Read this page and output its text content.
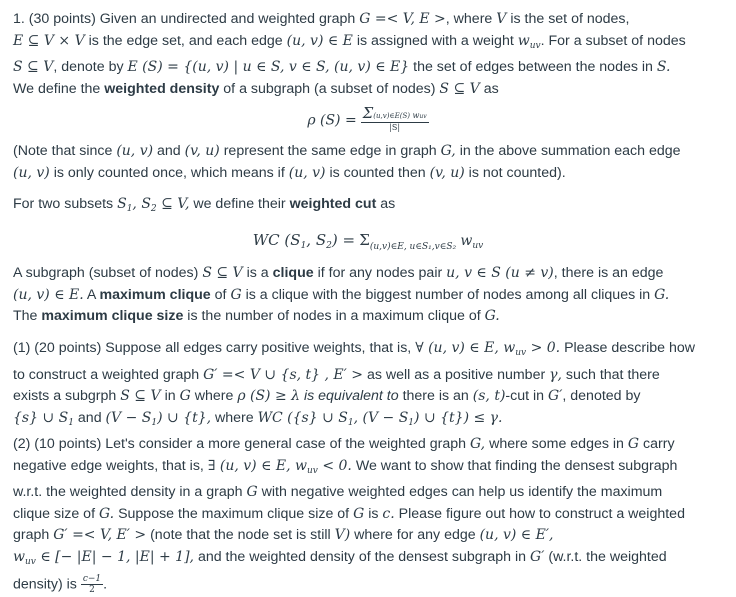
1. (30 points) Given an undirected and weighted graph G =< V, E >, where V is the set of nodes,
E ⊆ V × V is the edge set, and each edge (u, v) ∈ E is assigned with a weight $w_{uv}$. For a subset of nodes
S ⊆ V, denote by E (S) = {(u, v) | u ∈ S, v ∈ S, (u, v) ∈ E} the set of edges between the nodes in S.
We define the weighted density of a subgraph (a subset of nodes) S ⊆ V as
ρ $(S) = \frac{\text{Σ(u,v)∈E(S) wuv}}{|S|}$
(Note that since (u, v) and (v, u) represent the same edge in graph G, in the above summation each edge
(u, v) is only counted once, which means if (u, v) is counted then (v, u) is not counted).
For two subsets $S_1$, $S_2$ ⊆ V, we define their weighted cut as
WC ($S_1$, $S_2) = \Sigma_{(u,v)\in E, u\in S_1,v\in S_2}$ $w_{uv}$
A subgraph (subset of nodes) S ⊆ V is a clique if for any nodes pair u, v ∈ S (u ≠ v), there is an edge
(u, v) ∈ E. A maximum clique of G is a clique with the biggest number of nodes among all cliques in G.
The maximum clique size is the number of nodes in a maximum clique of G.
(1) (20 points) Suppose all edges carry positive weights, that is, ∀ (u, v) ∈ E, $w_{uv} > 0$. Please describe how
to construct a weighted graph G′ =< V ∪ {s, t} , E′ > as well as a positive number γ, such that there
exists a subgrph S ⊆ V in G where ρ (S) ≥ λ is equivalent to there is an (s, t)-cut in G′, denoted by
{s} ∪ $S_1$ and $(V - S_1)$ ∪ {t}, where WC ({s} ∪ $S_1$, $(V - S_1)$ ∪ {t}) ≤ γ.
(2) (10 points) Let's consider a more general case of the weighted graph G, where some edges in G carry
negative edge weights, that is, ∃ (u, v) ∈ E, $w_{uv} < 0$. We want to show that finding the densest subgraph
w.r.t. the weighted density in a graph G with negative weighted edges can help us identify the maximum
clique size of G. Suppose the maximum clique size of G is c. Please figure out how to construct a weighted
graph G′ =< V, E′ > (note that the node set is still V) where for any edge (u, v) ∈ E′,
$w_{uv}$ ∈ [− |E| − 1, |E| + 1], and the weighted density of the densest subgraph in G′ (w.r.t. the weighted
density) is $\frac{c-1}{2}$ .
